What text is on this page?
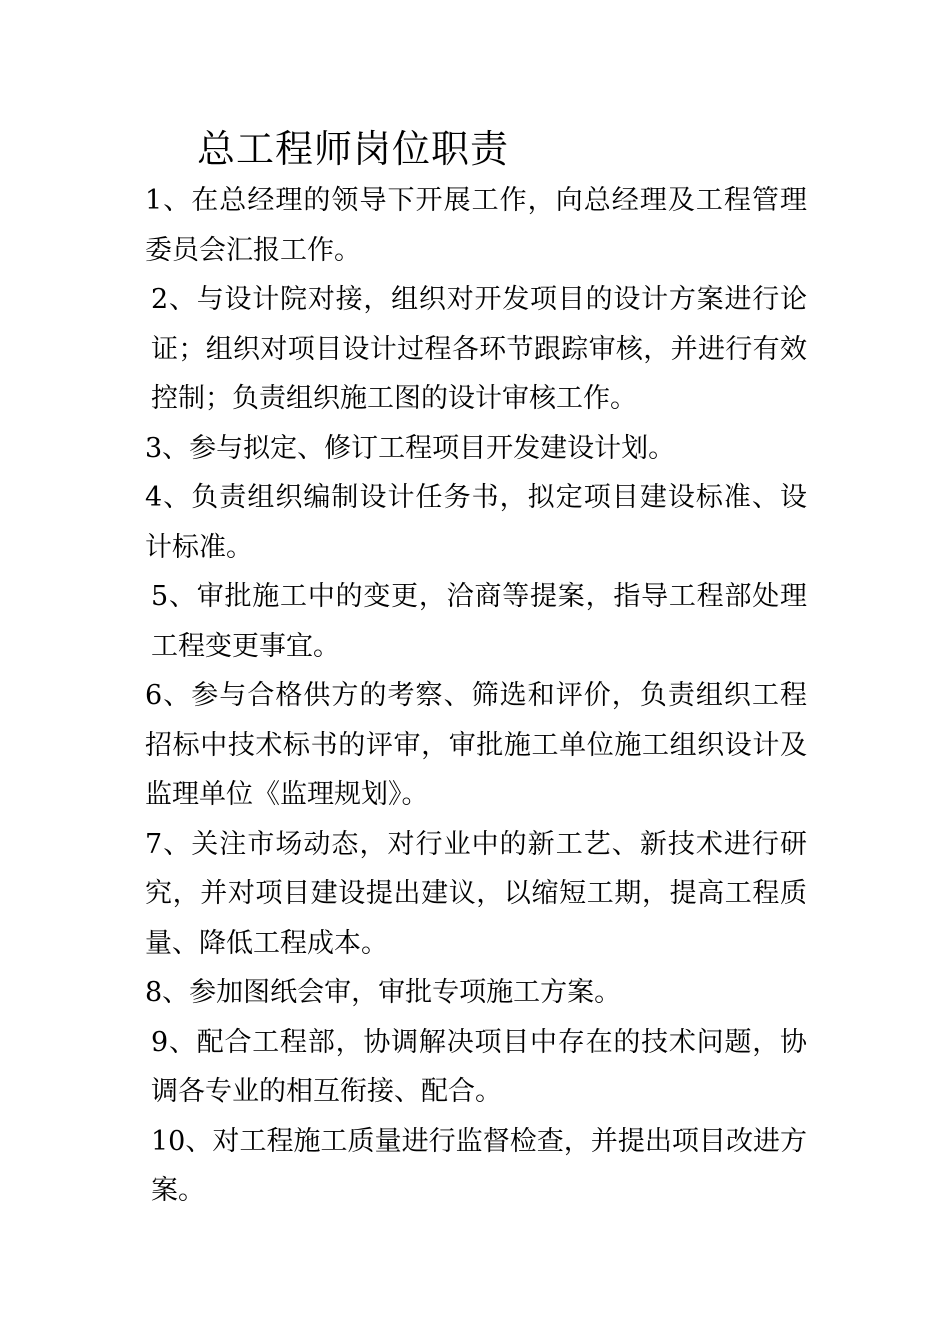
总工程师岗位职责

1、在总经理的领导下开展工作，向总经理及工程管理委员会汇报工作。

2、与设计院对接，组织对开发项目的设计方案进行论证；组织对项目设计过程各环节跟踪审核，并进行有效控制；负责组织施工图的设计审核工作。

3、参与拟定、修订工程项目开发建设计划。

4、负责组织编制设计任务书，拟定项目建设标准、设计标准。

5、审批施工中的变更，洽商等提案，指导工程部处理工程变更事宜。

6、参与合格供方的考察、筛选和评价，负责组织工程招标中技术标书的评审，审批施工单位施工组织设计及监理单位《监理规划》。

7、关注市场动态，对行业中的新工艺、新技术进行研究，并对项目建设提出建议，以缩短工期，提高工程质量、降低工程成本。

8、参加图纸会审，审批专项施工方案。

9、配合工程部，协调解决项目中存在的技术问题，协调各专业的相互衔接、配合。

10、对工程施工质量进行监督检查，并提出项目改进方案。
